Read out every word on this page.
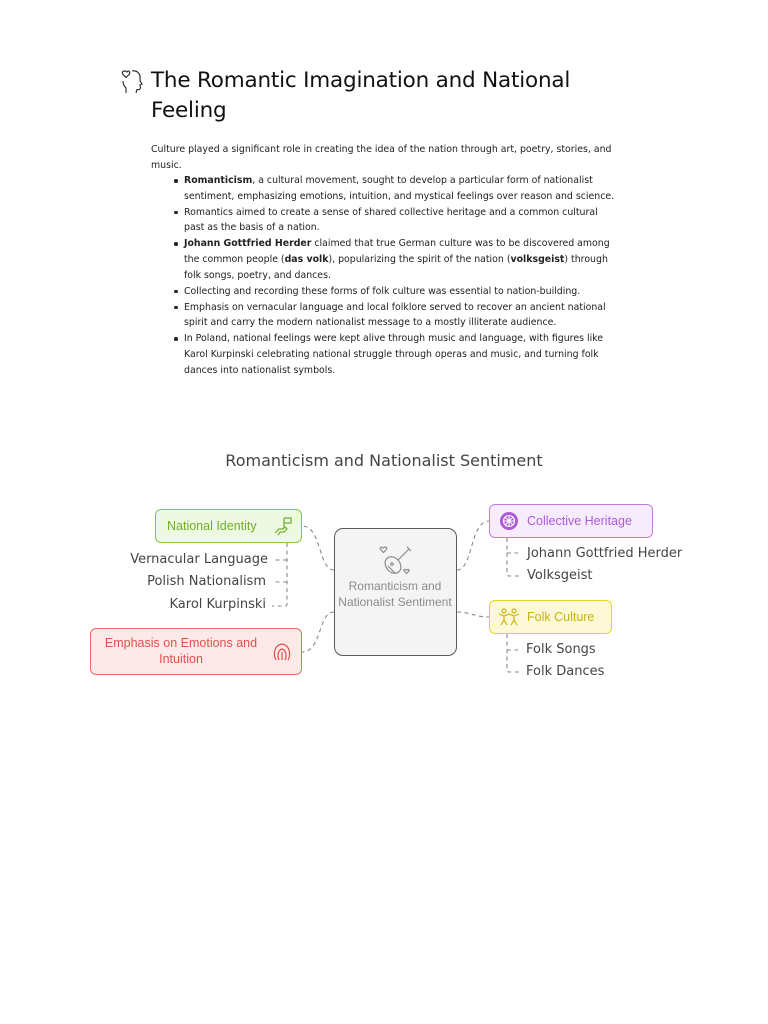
The Romantic Imagination and National Feeling

Culture played a significant role in creating the idea of the nation through art, poetry, stories, and music.

Romanticism, a cultural movement, sought to develop a particular form of nationalist sentiment, emphasizing emotions, intuition, and mystical feelings over reason and science.
Romantics aimed to create a sense of shared collective heritage and a common cultural past as the basis of a nation.
Johann Gottfried Herder claimed that true German culture was to be discovered among the common people (das volk), popularizing the spirit of the nation (volksgeist) through folk songs, poetry, and dances.
Collecting and recording these forms of folk culture was essential to nation-building.
Emphasis on vernacular language and local folklore served to recover an ancient national spirit and carry the modern nationalist message to a mostly illiterate audience.
In Poland, national feelings were kept alive through music and language, with figures like Karol Kurpinski celebrating national struggle through operas and music, and turning folk dances into nationalist symbols.
Romanticism and Nationalist Sentiment
Romanticism and Nationalist Sentiment
National Identity	Collective Heritage
Folk Culture
Emphasis on Emotions and Intuition
Vernacular Language
Polish Nationalism
Karol Kurpinski
Johann Gottfried Herder
Volksgeist
Folk Songs
Folk Dances
